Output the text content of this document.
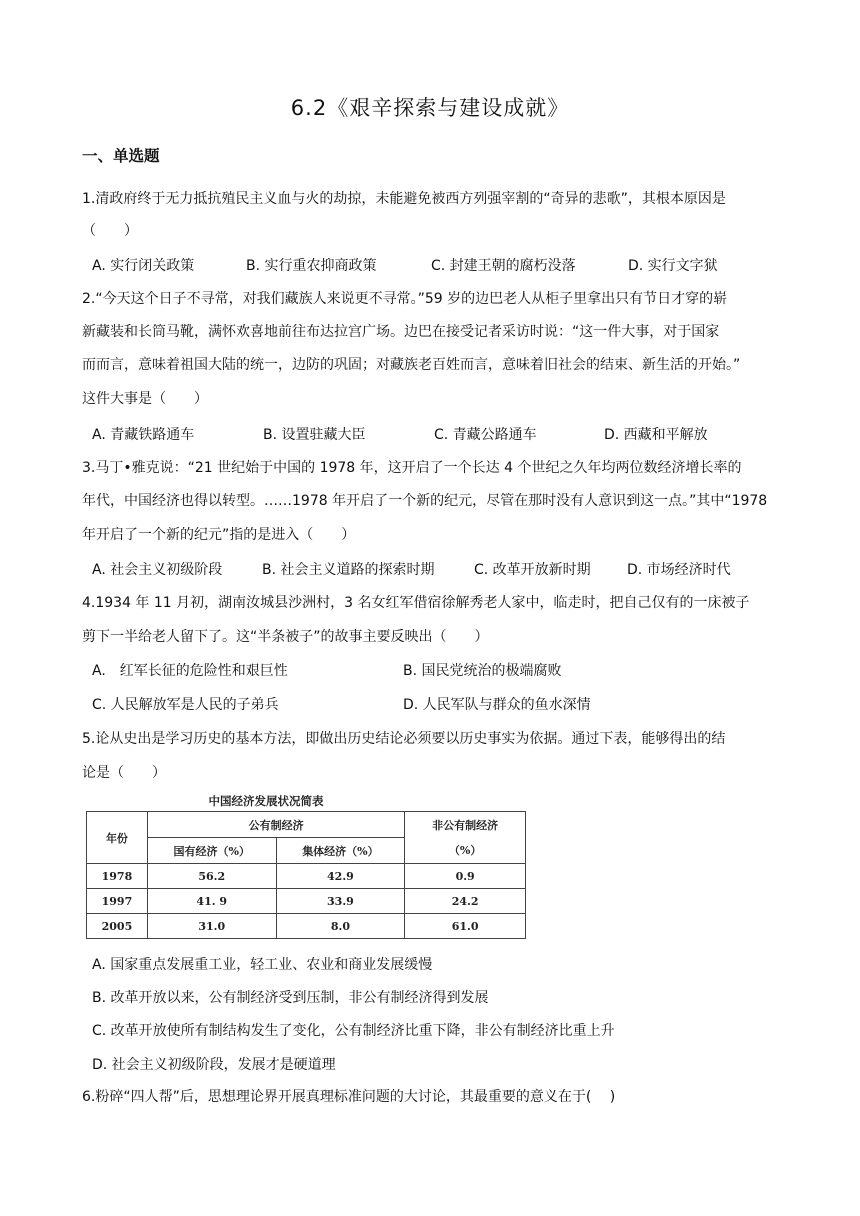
6.2《艰辛探索与建设成就》
一、单选题
1.清政府终于无力抵抗殖民主义血与火的劫掠，未能避免被西方列强宰割的“奇异的悲歌”，其根本原因是
（　　）
A. 实行闭关政策	B. 实行重农抑商政策	C. 封建王朝的腐朽没落	D. 实行文字狱
2.“今天这个日子不寻常，对我们藏族人来说更不寻常。”59 岁的边巴老人从柜子里拿出只有节日才穿的崭
新藏装和长筒马靴，满怀欢喜地前往布达拉宫广场。边巴在接受记者采访时说：“这一件大事，对于国家
而而言，意味着祖国大陆的统一，边防的巩固；对藏族老百姓而言，意味着旧社会的结束、新生活的开始。”
这件大事是（　　）
A. 青藏铁路通车	B. 设置驻藏大臣	C. 青藏公路通车	D. 西藏和平解放
3.马丁•雅克说：“21 世纪始于中国的 1978 年，这开启了一个长达 4 个世纪之久年均两位数经济增长率的
年代，中国经济也得以转型。……1978 年开启了一个新的纪元，尽管在那时没有人意识到这一点。”其中“1978
年开启了一个新的纪元”指的是进入（　　）
A. 社会主义初级阶段	B. 社会主义道路的探索时期	C. 改革开放新时期	D. 市场经济时代
4.1934 年 11 月初，湖南汝城县沙洲村，3 名女红军借宿徐解秀老人家中，临走时，把自己仅有的一床被子
剪下一半给老人留下了。这“半条被子”的故事主要反映出（　　）
A.　红军长征的危险性和艰巨性	B. 国民党统治的极端腐败
C. 人民解放军是人民的子弟兵	D. 人民军队与群众的鱼水深情
5.论从史出是学习历史的基本方法，即做出历史结论必须要以历史事实为依据。通过下表，能够得出的结
论是（　　）
中国经济发展状况简表
年份	公有制经济		非公有制经济
	国有经济（%）	集体经济（%）	（%）
1978	56.2	42.9	0.9
1997	41. 9	33.9	24.2
2005	31.0	8.0	61.0
A. 国家重点发展重工业，轻工业、农业和商业发展缓慢
B. 改革开放以来，公有制经济受到压制，非公有制经济得到发展
C. 改革开放使所有制结构发生了变化，公有制经济比重下降，非公有制经济比重上升
D. 社会主义初级阶段，发展才是硬道理
6.粉碎“四人帮”后，思想理论界开展真理标准问题的大讨论，其最重要的意义在于(　 )
